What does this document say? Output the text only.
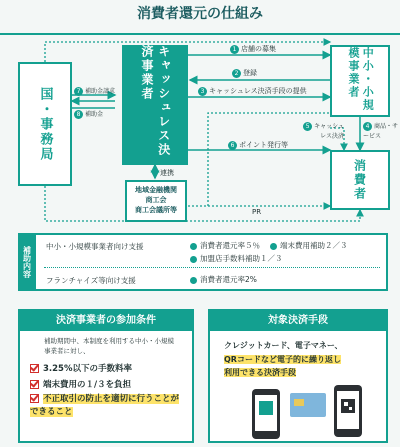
消費者還元の仕組み
国・事務局	キャッシュレス決済事業者	中小・小規模事業者
消費者
地域金融機関
商工会
商工会議所等
1 店舗の募集
2 登録
3 キャッシュレス決済手段の提供
4 商品・サービス
5 キャッシュレス決済
6 ポイント発行等
7 補助金請求
8 補助金
連携
PR
補助内容	中小・小規模事業者向け支援	消費者還元率５％	端末費用補助２／３
加盟店手数料補助１／３
フランチャイズ等向け支援	消費者還元率2%
決済事業者の参加条件
補助期間中、本制度を利用する中小・小規模事業者に対し、
3.25%以下の手数料率
端末費用の１/３を負担
不正取引の防止を適切に行うことができること
対象決済手段
クレジットカード、電子マネー、
QRコードなど電子的に繰り返し
利用できる決済手段
